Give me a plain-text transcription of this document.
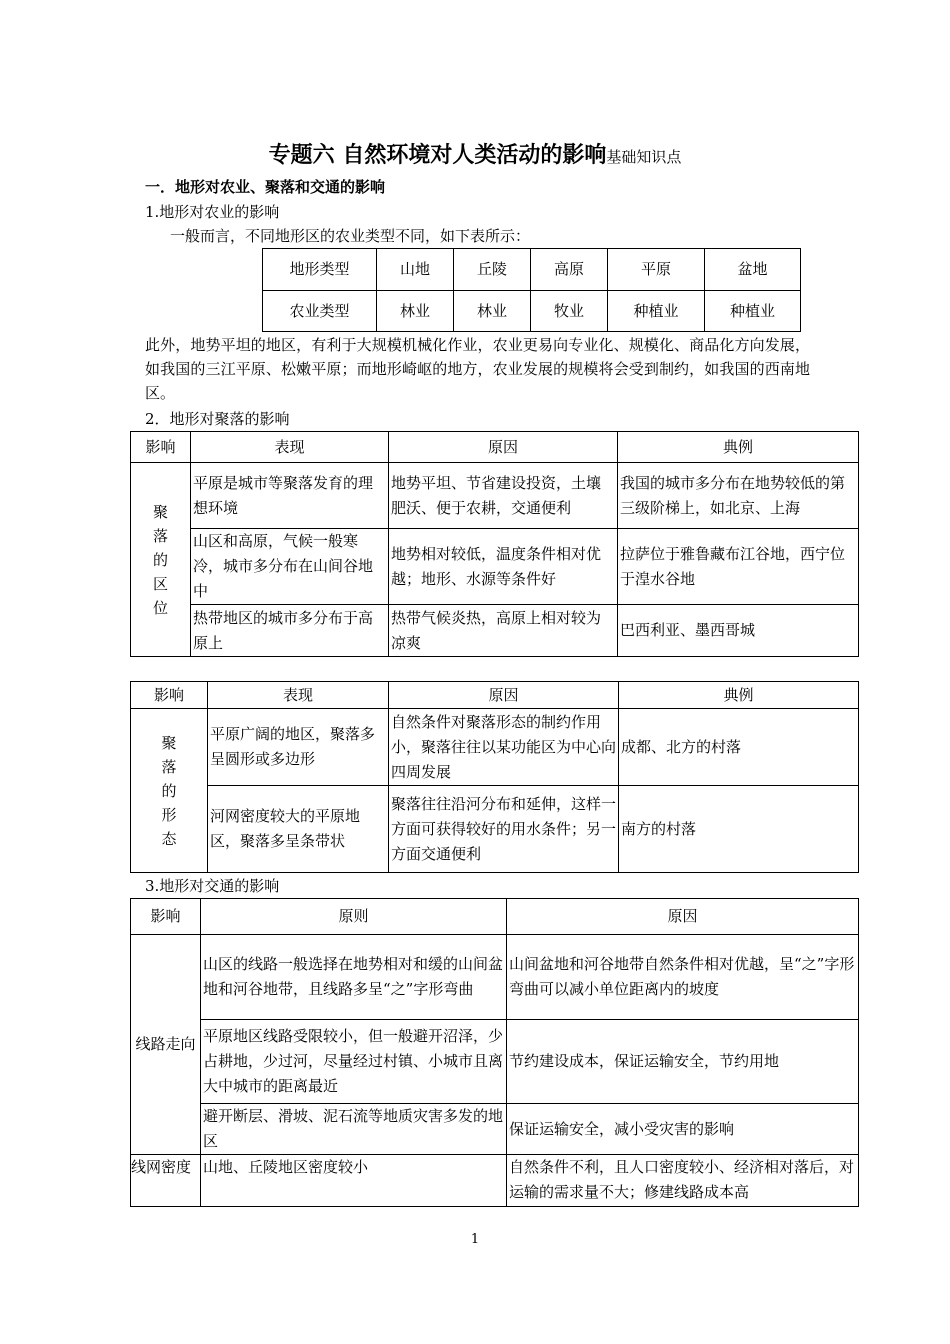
专题六 自然环境对人类活动的影响基础知识点
一．地形对农业、聚落和交通的影响
1.地形对农业的影响
一般而言，不同地形区的农业类型不同，如下表所示：
地形类型	山地	丘陵	高原	平原	盆地
农业类型	林业	林业	牧业	种植业	种植业
此外，地势平坦的地区，有利于大规模机械化作业，农业更易向专业化、规模化、商品化方向发展，如我国的三江平原、松嫩平原；而地形崎岖的地方，农业发展的规模将会受到制约，如我国的西南地区。
2．地形对聚落的影响
影响	表现	原因	典例

聚
落
的
区
位	平原是城市等聚落发育的理想环境	地势平坦、节省建设投资，土壤肥沃、便于农耕，交通便利	我国的城市多分布在地势较低的第三级阶梯上，如北京、上海
	山区和高原，气候一般寒冷，城市多分布在山间谷地中	地势相对较低，温度条件相对优越；地形、水源等条件好	拉萨位于雅鲁藏布江谷地，西宁位于湟水谷地
	热带地区的城市多分布于高原上	热带气候炎热，高原上相对较为凉爽	巴西利亚、墨西哥城
影响	表现	原因	典例

聚
落
的
形
态	平原广阔的地区，聚落多呈圆形或多边形	自然条件对聚落形态的制约作用小，聚落往往以某功能区为中心向四周发展	成都、北方的村落
	河网密度较大的平原地区，聚落多呈条带状	聚落往往沿河分布和延伸，这样一方面可获得较好的用水条件；另一方面交通便利	南方的村落
3.地形对交通的影响
影响	原则	原因
线路走向	山区的线路一般选择在地势相对和缓的山间盆地和河谷地带，且线路多呈“之”字形弯曲	山间盆地和河谷地带自然条件相对优越，呈“之”字形弯曲可以减小单位距离内的坡度
	平原地区线路受限较小，但一般避开沼泽，少占耕地，少过河，尽量经过村镇、小城市且离大中城市的距离最近	节约建设成本，保证运输安全，节约用地
	避开断层、滑坡、泥石流等地质灾害多发的地区	保证运输安全，减小受灾害的影响
线网密度	山地、丘陵地区密度较小	自然条件不利，且人口密度较小、经济相对落后，对运输的需求量不大；修建线路成本高
1
